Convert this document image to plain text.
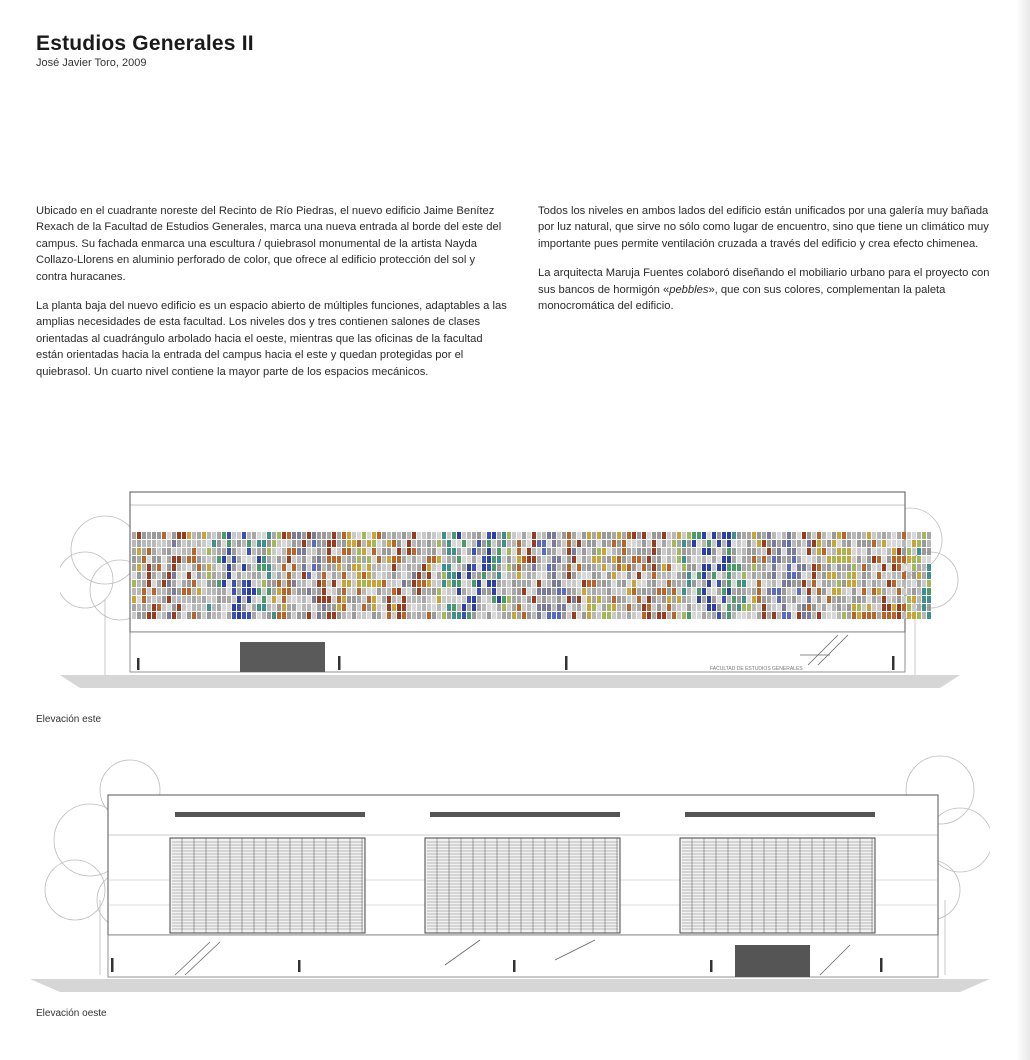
Estudios Generales II
José Javier Toro, 2009

Ubicado en el cuadrante noreste del Recinto de Río Piedras, el nuevo edificio Jaime Benítez Rexach de la Facultad de Estudios Generales, marca una nueva entrada al borde del este del campus. Su fachada enmarca una escultura / quiebrasol monumental de la artista Nayda Collazo-Llorens en aluminio perforado de color, que ofrece al edificio protección del sol y contra huracanes.

La planta baja del nuevo edificio es un espacio abierto de múltiples funciones, adaptables a las amplias necesidades de esta facultad. Los niveles dos y tres contienen salones de clases orientadas al cuadrángulo arbolado hacia el oeste, mientras que las oficinas de la facultad están orientadas hacia la entrada del campus hacia el este y quedan protegidas por el quiebrasol. Un cuarto nivel contiene la mayor parte de los espacios mecánicos.

Todos los niveles en ambos lados del edificio están unificados por una galería muy bañada por luz natural, que sirve no sólo como lugar de encuentro, sino que tiene un climático muy importante pues permite ventilación cruzada a través del edificio y crea efecto chimenea.

La arquitecta Maruja Fuentes colaboró diseñando el mobiliario urbano para el proyecto con sus bancos de hormigón «pebbles», que con sus colores, complementan la paleta monocromática del edificio.

FACULTAD DE ESTUDIOS GENERALES
Elevación este
Elevación oeste
